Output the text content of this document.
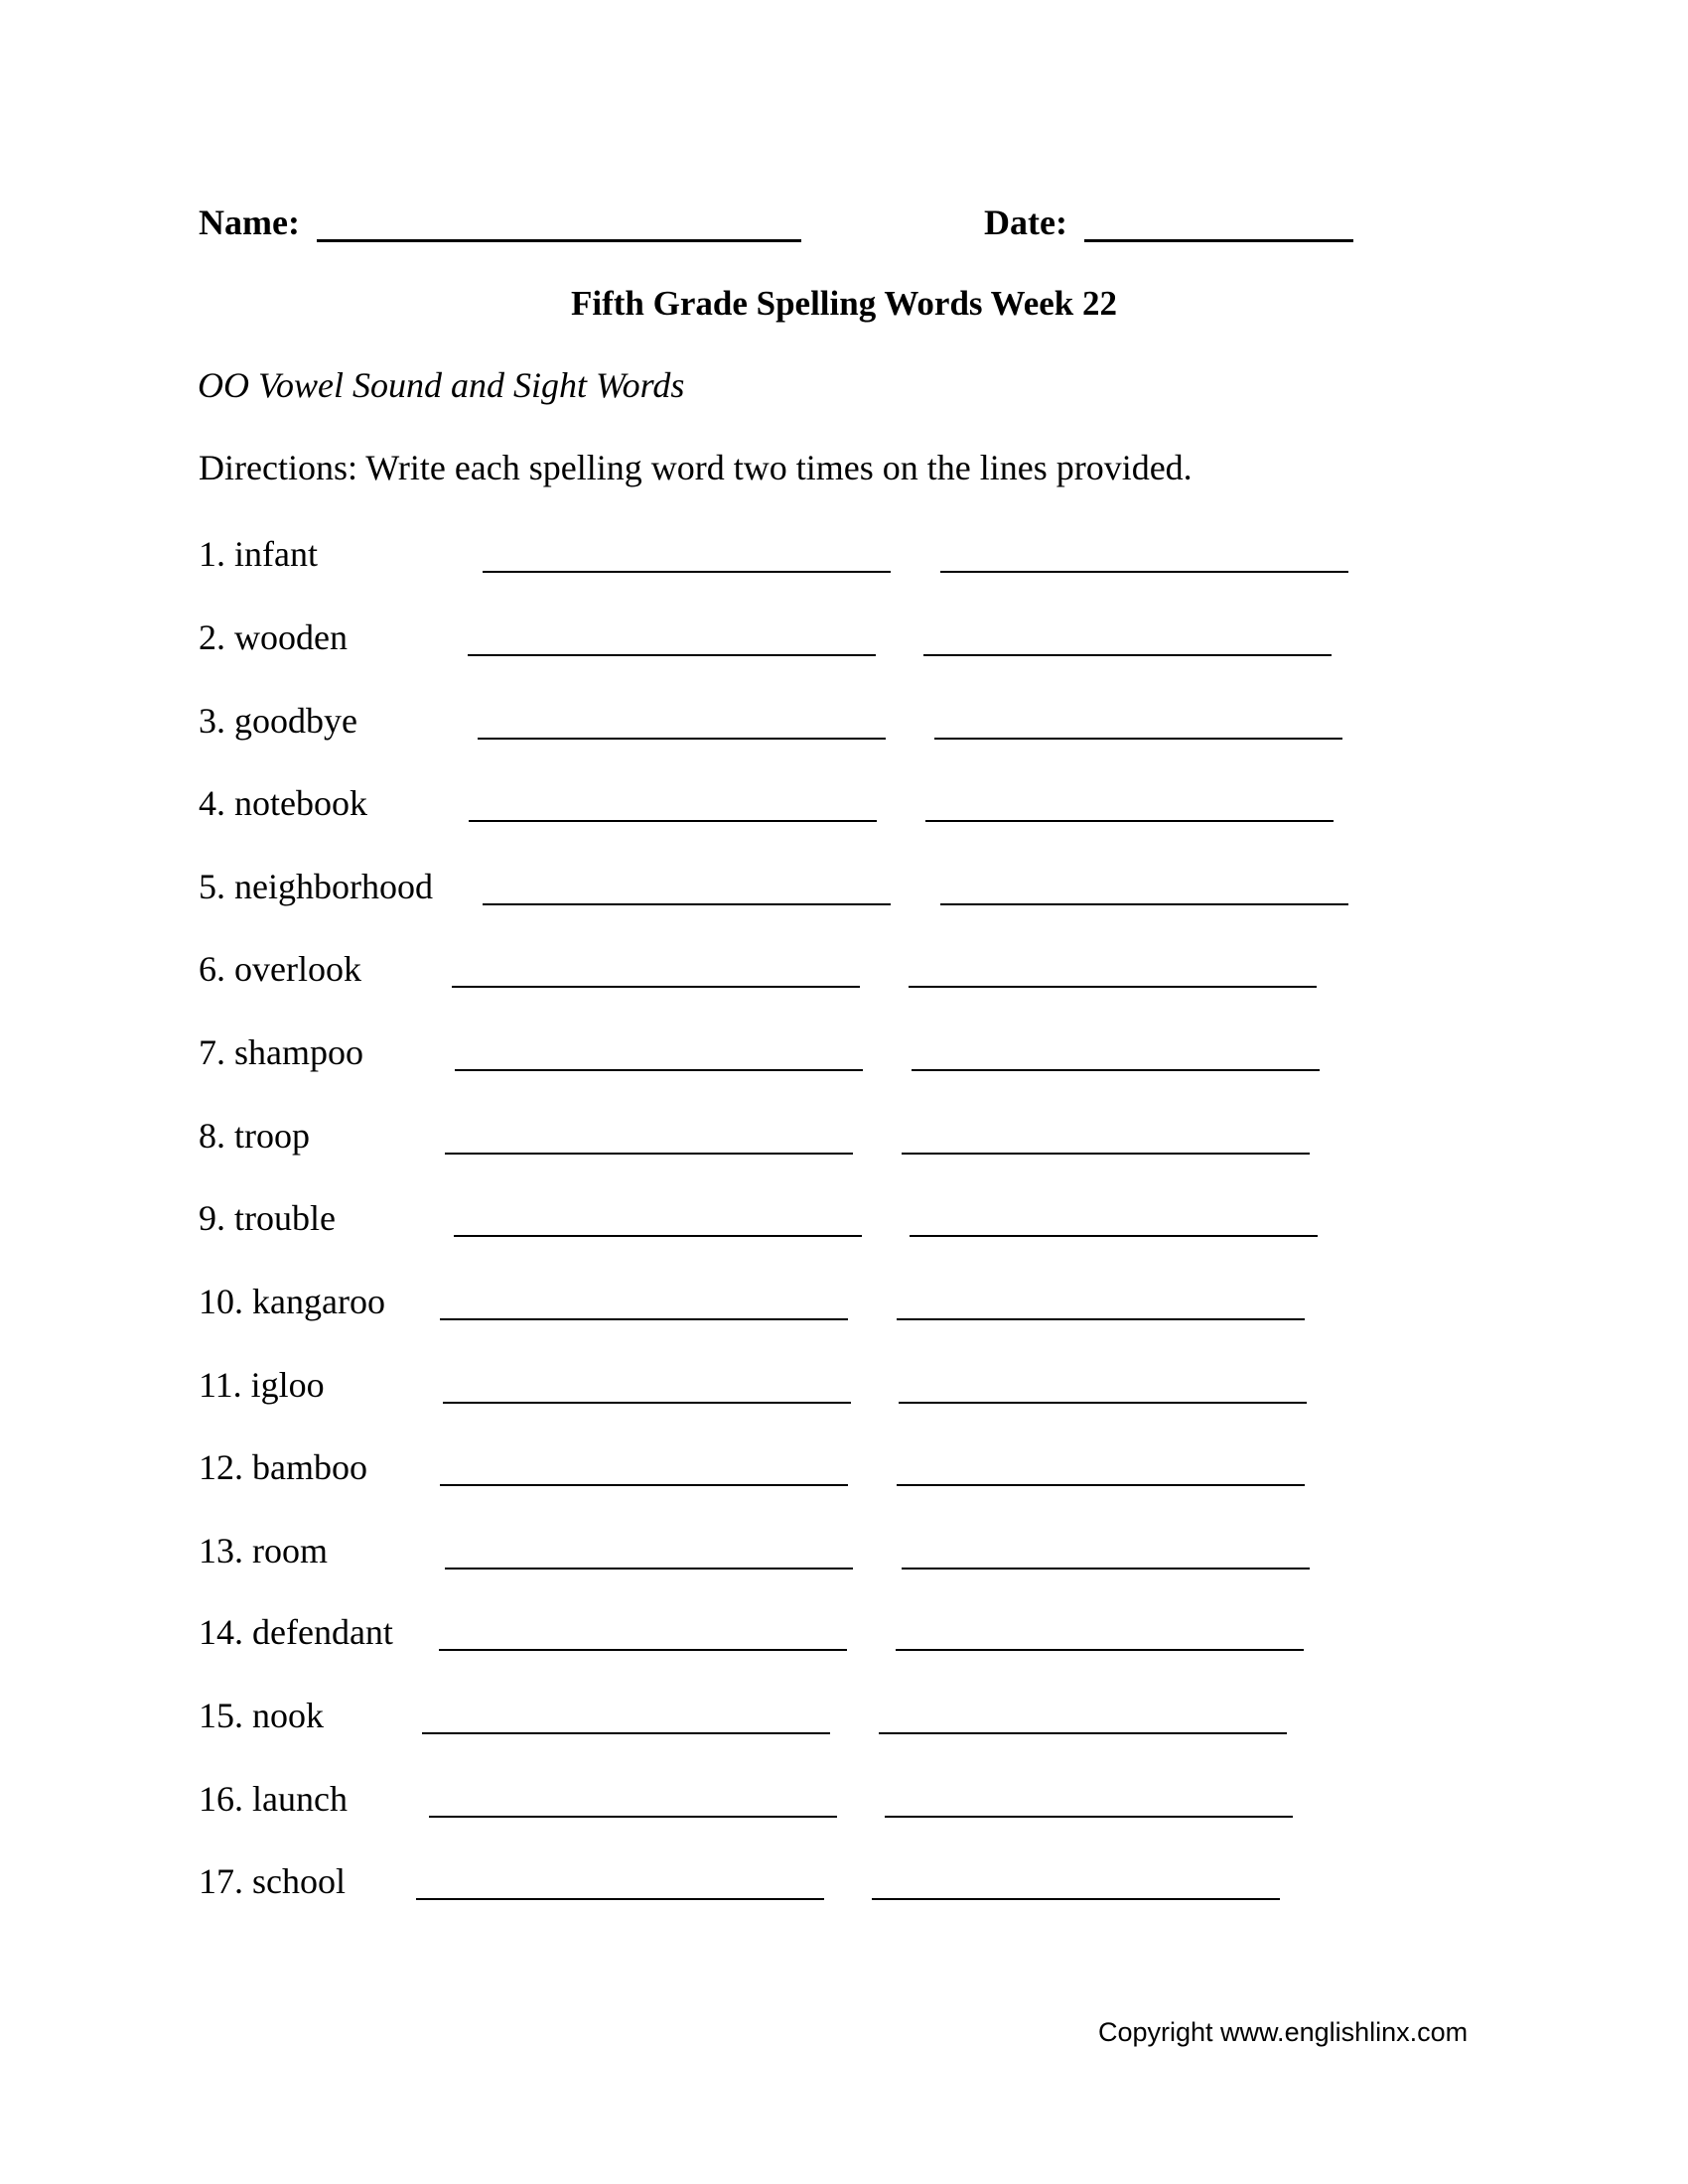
Name:	Date:
Fifth Grade Spelling Words Week 22
OO Vowel Sound and Sight Words
Directions: Write each spelling word two times on the lines provided.
1. infant
2. wooden
3. goodbye
4. notebook
5. neighborhood
6. overlook
7. shampoo
8. troop
9. trouble
10. kangaroo
11. igloo
12. bamboo
13. room
14. defendant
15. nook
16. launch
17. school
Copyright www.englishlinx.com
